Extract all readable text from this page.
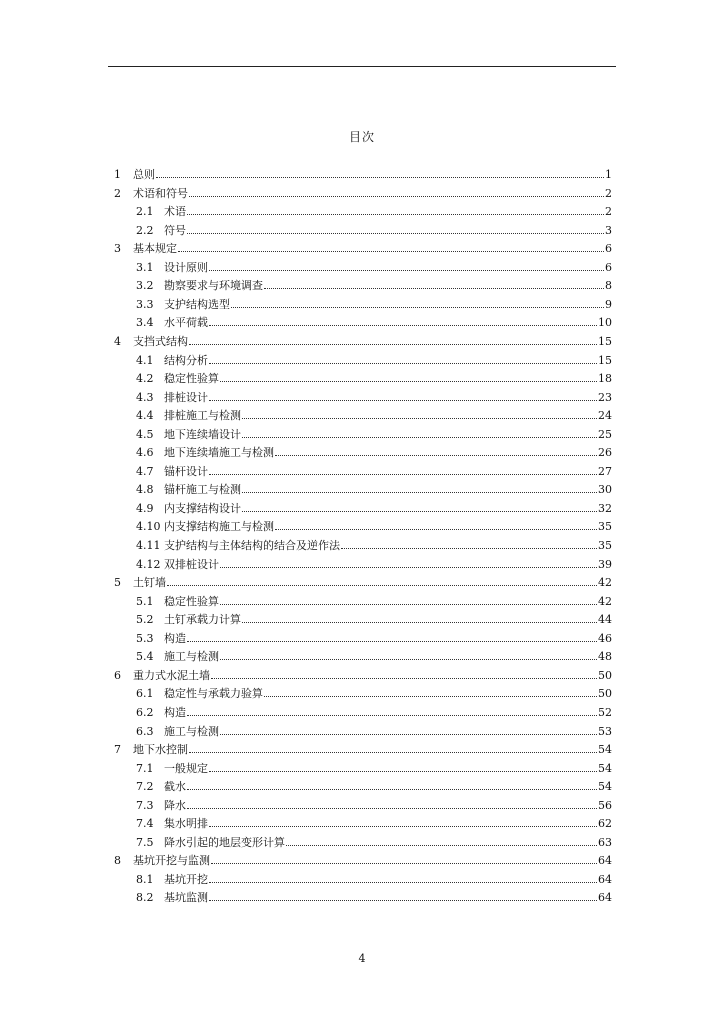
目次
1	总则	1
2	术语和符号	2
2.1 术语	2
2.2 符号	3
3	基本规定	6
3.1 设计原则	6
3.2 勘察要求与环境调查	8
3.3 支护结构选型	9
3.4 水平荷载	10
4	支挡式结构	15
4.1 结构分析	15
4.2 稳定性验算	18
4.3 排桩设计	23
4.4 排桩施工与检测	24
4.5 地下连续墙设计	25
4.6 地下连续墙施工与检测	26
4.7 锚杆设计	27
4.8 锚杆施工与检测	30
4.9 内支撑结构设计	32
4.10 内支撑结构施工与检测	35
4.11 支护结构与主体结构的结合及逆作法	35
4.12 双排桩设计	39
5	土钉墙	42
5.1 稳定性验算	42
5.2 土钉承载力计算	44
5.3 构造	46
5.4 施工与检测	48
6	重力式水泥土墙	50
6.1 稳定性与承载力验算	50
6.2 构造	52
6.3 施工与检测	53
7	地下水控制	54
7.1 一般规定	54
7.2 截水	54
7.3 降水	56
7.4 集水明排	62
7.5 降水引起的地层变形计算	63
8	基坑开挖与监测	64
8.1 基坑开挖	64
8.2 基坑监测	64
4
